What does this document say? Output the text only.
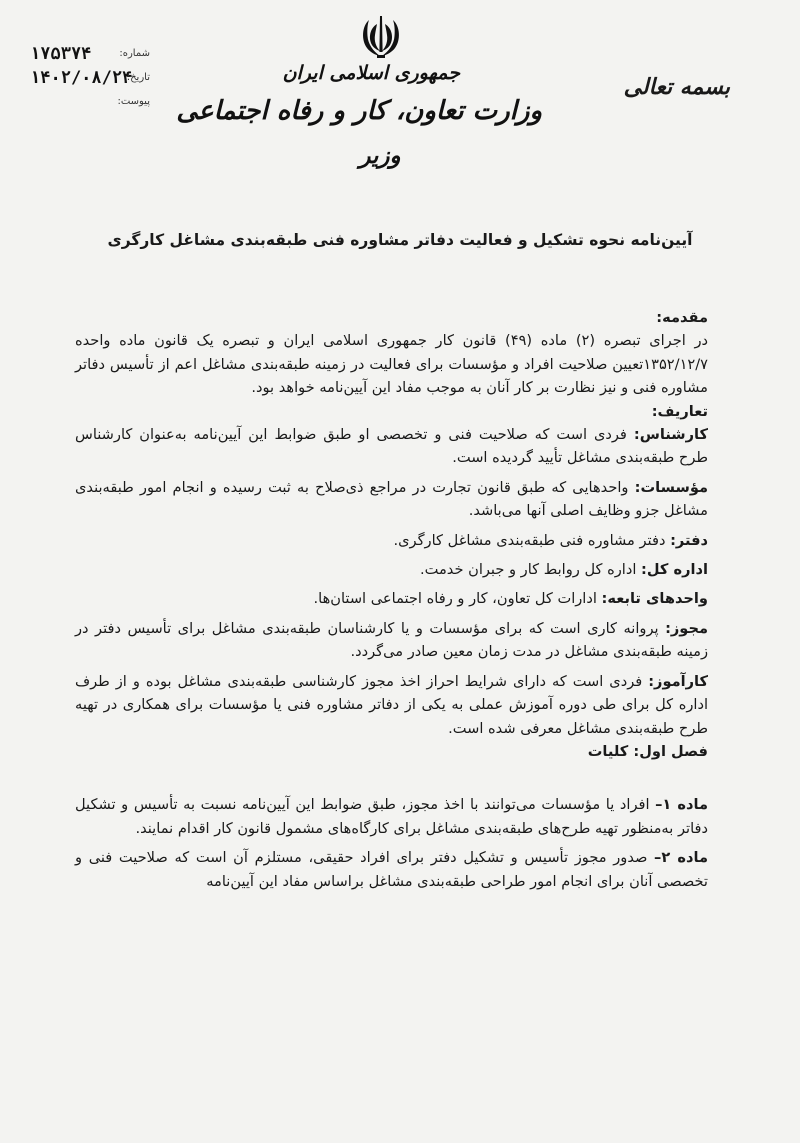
جمهوری اسلامی ایران
وزارت تعاون، کار و رفاه اجتماعی
وزیر
بسمه تعالی
۱۷۵۳۷۴	شماره:
۱۴۰۲/۰۸/۲۴
تاریخ:
پیوست:
آیین‌نامه نحوه تشکیل و فعالیت دفاتر مشاوره فنی طبقه‌بندی مشاغل کارگری
مقدمه:

در اجرای تبصره (۲) ماده (۴۹) قانون کار جمهوری اسلامی ایران و تبصره یک قانون ماده واحده ۱۳۵۲/۱۲/۷تعیین صلاحیت افراد و مؤسسات برای فعالیت در زمینه طبقه‌بندی مشاغل اعم از تأسیس دفاتر مشاوره فنی و نیز نظارت بر کار آنان به موجب مفاد این آیین‌نامه خواهد بود.

تعاریف:

کارشناس: فردی است که صلاحیت فنی و تخصصی او طبق ضوابط این آیین‌نامه به‌عنوان کارشناس طرح طبقه‌بندی مشاغل تأیید گردیده است.

مؤسسات: واحدهایی که طبق قانون تجارت در مراجع ذی‌صلاح به ثبت رسیده و انجام امور طبقه‌بندی مشاغل جزو وظایف اصلی آنها می‌باشد.

دفتر: دفتر مشاوره فنی طبقه‌بندی مشاغل کارگری.

اداره کل: اداره کل روابط کار و جبران خدمت.

واحدهای تابعه: ادارات کل تعاون، کار و رفاه اجتماعی استان‌ها.

مجوز: پروانه کاری است که برای مؤسسات و یا کارشناسان طبقه‌بندی مشاغل برای تأسیس دفتر در زمینه طبقه‌بندی مشاغل در مدت زمان معین صادر می‌گردد.

کارآموز: فردی است که دارای شرایط احراز اخذ مجوز کارشناسی طبقه‌بندی مشاغل بوده و از طرف اداره کل برای طی دوره آموزش عملی به یکی از دفاتر مشاوره فنی یا مؤسسات برای همکاری در تهیه طرح طبقه‌بندی مشاغل معرفی شده است.

فصل اول: کلیات

ماده ۱– افراد یا مؤسسات می‌توانند با اخذ مجوز، طبق ضوابط این آیین‌نامه نسبت به تأسیس و تشکیل دفاتر به‌منظور تهیه طرح‌های طبقه‌بندی مشاغل برای کارگاه‌های مشمول قانون کار اقدام نمایند.

ماده ۲– صدور مجوز تأسیس و تشکیل دفتر برای افراد حقیقی، مستلزم آن است که صلاحیت فنی و تخصصی آنان برای انجام امور طراحی طبقه‌بندی مشاغل براساس مفاد این آیین‌نامه
